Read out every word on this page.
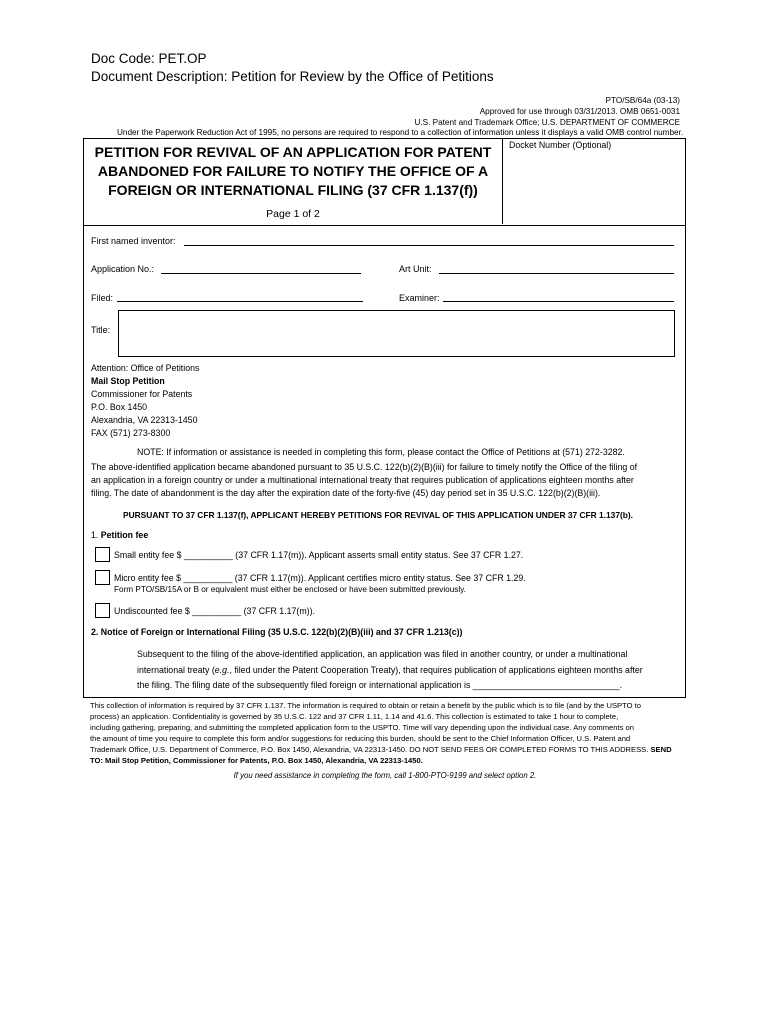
Doc Code: PET.OP
Document Description: Petition for Review by the Office of Petitions
PTO/SB/64a (03-13)
Approved for use through 03/31/2013. OMB 0651-0031
U.S. Patent and Trademark Office; U.S. DEPARTMENT OF COMMERCE
Under the Paperwork Reduction Act of 1995, no persons are required to respond to a collection of information unless it displays a valid OMB control number.
PETITION FOR REVIVAL OF AN APPLICATION FOR PATENT
ABANDONED FOR FAILURE TO NOTIFY THE OFFICE OF A
FOREIGN OR INTERNATIONAL FILING (37 CFR 1.137(f))
Page 1 of 2
Docket Number (Optional)
First named inventor:
Application No.:	Art Unit:
Filed:	Examiner:
Title:
Attention: Office of Petitions
Mail Stop Petition
Commissioner for Patents
P.O. Box 1450
Alexandria, VA 22313-1450
FAX (571) 273-8300
NOTE: If information or assistance is needed in completing this form, please contact the Office of Petitions at (571) 272-3282.
The above-identified application became abandoned pursuant to 35 U.S.C. 122(b)(2)(B)(iii) for failure to timely notify the Office of the filing of
an application in a foreign country or under a multinational international treaty that requires publication of applications eighteen months after
filing. The date of abandonment is the day after the expiration date of the forty-five (45) day period set in 35 U.S.C. 122(b)(2)(B)(iii).
PURSUANT TO 37 CFR 1.137(f), APPLICANT HEREBY PETITIONS FOR REVIVAL OF THIS APPLICATION UNDER 37 CFR 1.137(b).
1. Petition fee
Small entity fee $ __________ (37 CFR 1.17(m)). Applicant asserts small entity status. See 37 CFR 1.27.
Micro entity fee $ __________ (37 CFR 1.17(m)). Applicant certifies micro entity status. See 37 CFR 1.29.
Form PTO/SB/15A or B or equivalent must either be enclosed or have been submitted previously.
Undiscounted fee $ __________ (37 CFR 1.17(m)).
2. Notice of Foreign or International Filing (35 U.S.C. 122(b)(2)(B)(iii) and 37 CFR 1.213(c))
Subsequent to the filing of the above-identified application, an application was filed in another country, or under a multinational
international treaty (e.g., filed under the Patent Cooperation Treaty), that requires publication of applications eighteen months after
the filing. The filing date of the subsequently filed foreign or international application is ______________________________.
This collection of information is required by 37 CFR 1.137. The information is required to obtain or retain a benefit by the public which is to file (and by the USPTO to
process) an application. Confidentiality is governed by 35 U.S.C. 122 and 37 CFR 1.11, 1.14 and 41.6. This collection is estimated to take 1 hour to complete,
including gathering, preparing, and submitting the completed application form to the USPTO. Time will vary depending upon the individual case. Any comments on
the amount of time you require to complete this form and/or suggestions for reducing this burden, should be sent to the Chief Information Officer, U.S. Patent and
Trademark Office, U.S. Department of Commerce, P.O. Box 1450, Alexandria, VA 22313-1450. DO NOT SEND FEES OR COMPLETED FORMS TO THIS ADDRESS. SEND
TO: Mail Stop Petition, Commissioner for Patents, P.O. Box 1450, Alexandria, VA 22313-1450.
If you need assistance in completing the form, call 1-800-PTO-9199 and select option 2.
